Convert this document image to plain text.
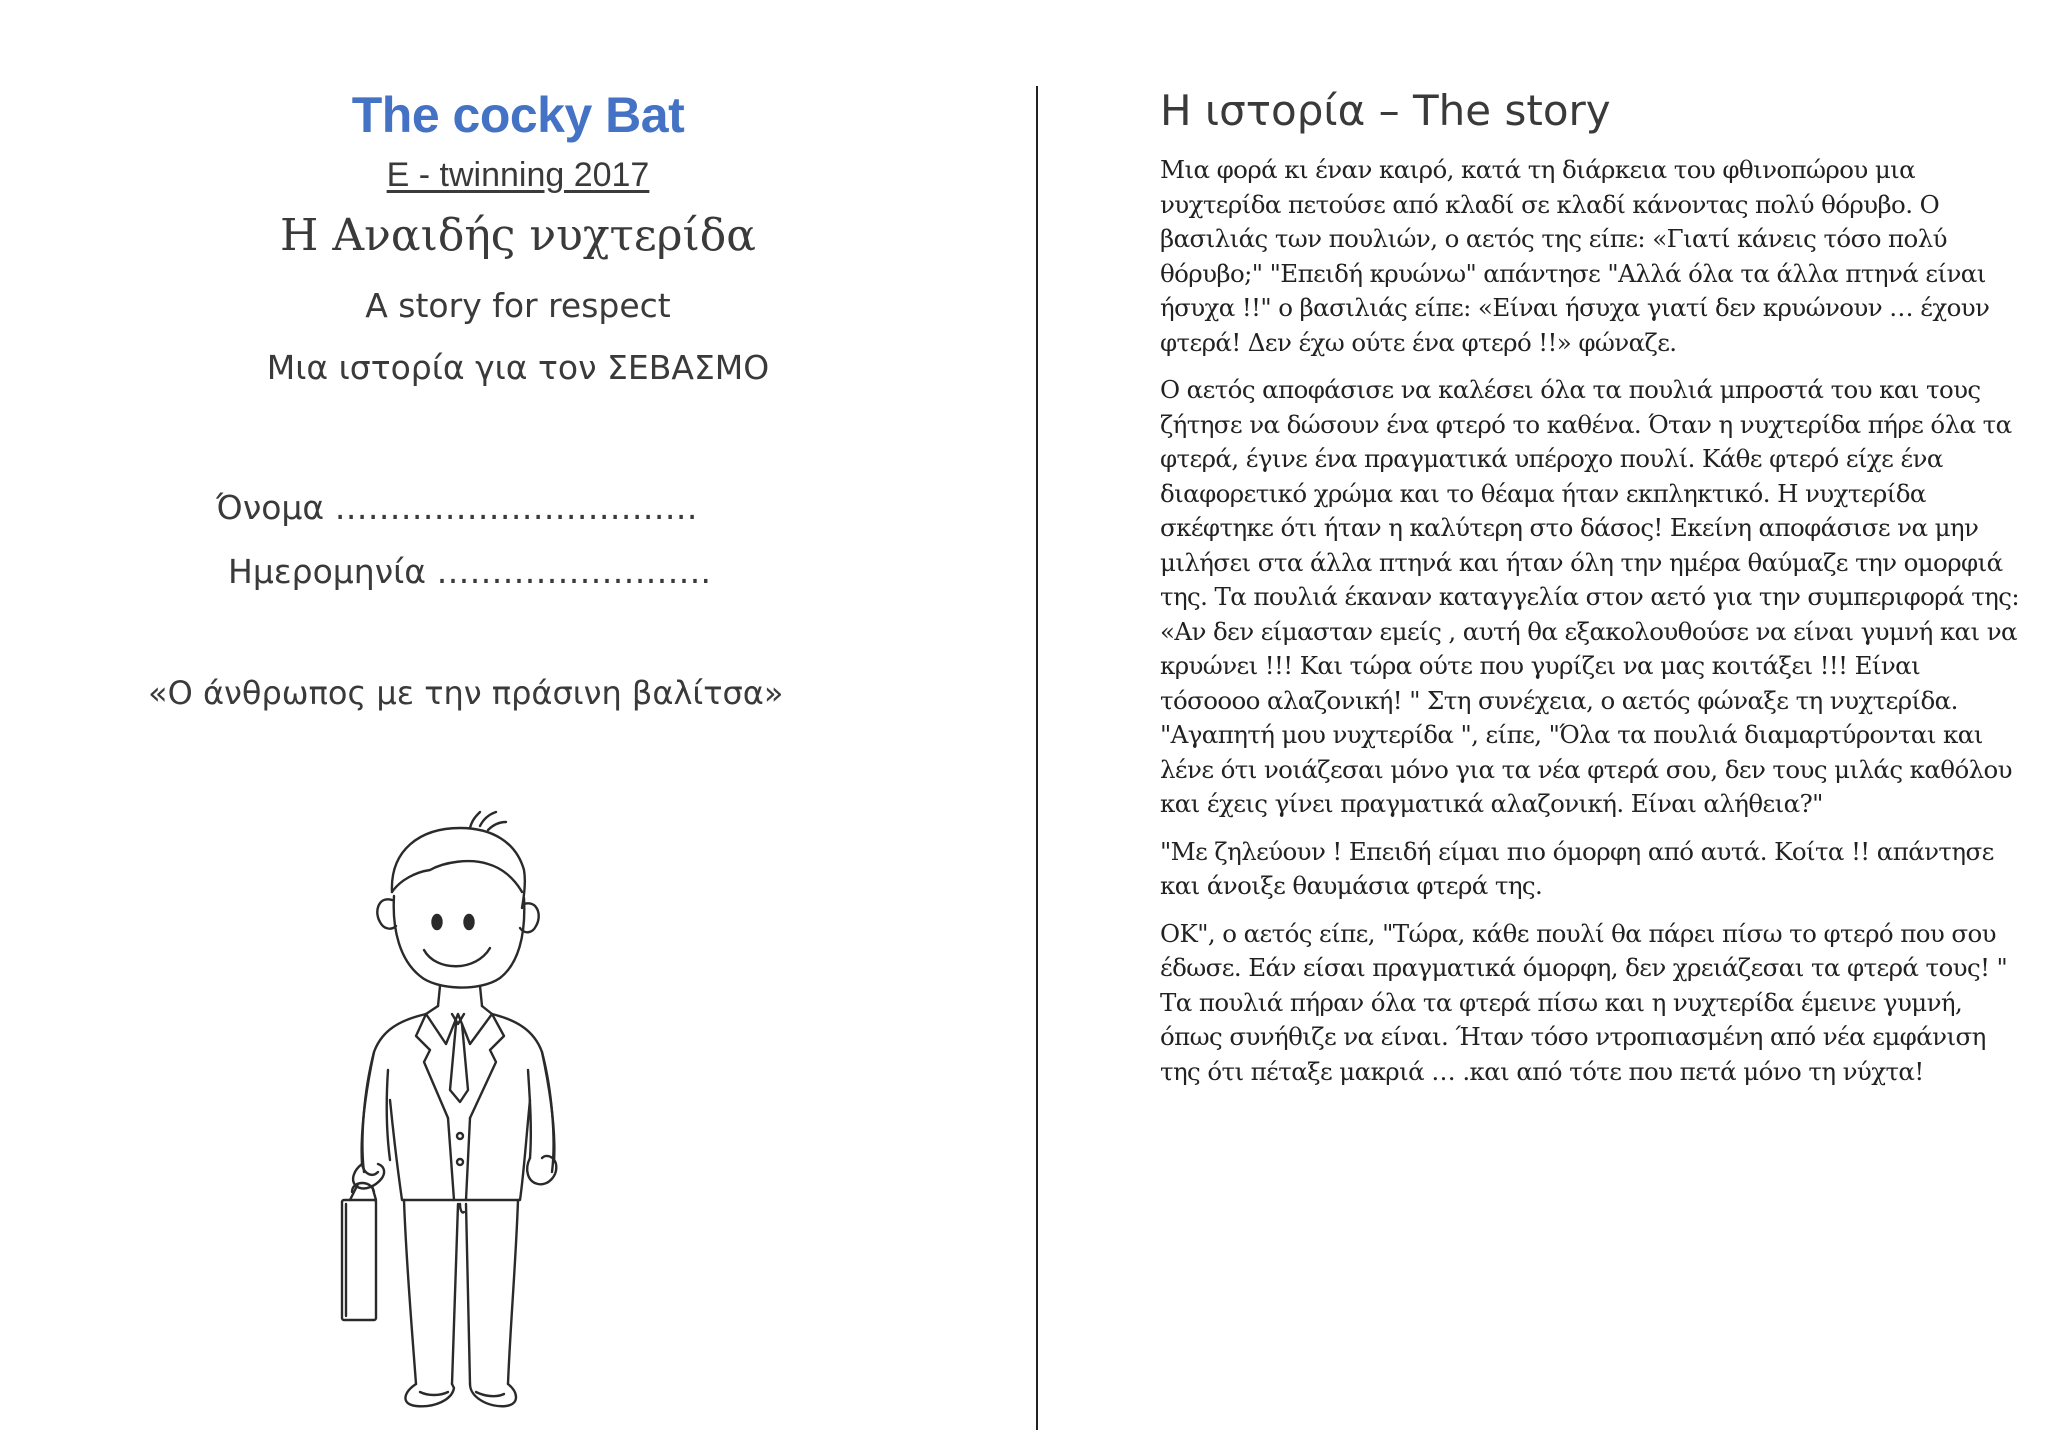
The cocky Bat
E - twinning 2017
Η Αναιδής νυχτερίδα
A story for respect
Μια ιστορία για τον ΣΕΒΑΣΜΟ
Όνομα ……………………………
Ημερομηνία …………………….
«Ο άνθρωπος με την πράσινη βαλίτσα»
Η ιστορία – The story

Μια φορά κι έναν καιρό, κατά τη διάρκεια του φθινοπώρου μια νυχτερίδα πετούσε από κλαδί σε κλαδί κάνοντας πολύ θόρυβο. Ο βασιλιάς των πουλιών, ο αετός της είπε: «Γιατί κάνεις τόσο πολύ θόρυβο;" "Επειδή κρυώνω" απάντησε "Αλλά όλα τα άλλα πτηνά είναι ήσυχα !!" ο βασιλιάς είπε: «Είναι ήσυχα γιατί δεν κρυώνουν … έχουν φτερά! Δεν έχω ούτε ένα φτερό !!» φώναζε.

Ο αετός αποφάσισε να καλέσει όλα τα πουλιά μπροστά του και τους ζήτησε να δώσουν ένα φτερό το καθένα. Όταν η νυχτερίδα πήρε όλα τα φτερά, έγινε ένα πραγματικά υπέροχο πουλί. Κάθε φτερό είχε ένα διαφορετικό χρώμα και το θέαμα ήταν εκπληκτικό. Η νυχτερίδα σκέφτηκε ότι ήταν η καλύτερη στο δάσος! Εκείνη αποφάσισε να μην μιλήσει στα άλλα πτηνά και ήταν όλη την ημέρα θαύμαζε την ομορφιά της. Τα πουλιά έκαναν καταγγελία στον αετό για την συμπεριφορά της: «Αν δεν είμασταν εμείς , αυτή θα εξακολουθούσε να είναι γυμνή και να κρυώνει !!! Και τώρα ούτε που γυρίζει να μας κοιτάξει !!! Είναι τόσοοοο αλαζονική! " Στη συνέχεια, ο αετός φώναξε τη νυχτερίδα. "Αγαπητή μου νυχτερίδα ", είπε, "Όλα τα πουλιά διαμαρτύρονται και λένε ότι νοιάζεσαι μόνο για τα νέα φτερά σου, δεν τους μιλάς καθόλου και έχεις γίνει πραγματικά αλαζονική. Είναι αλήθεια?"

"Με ζηλεύουν ! Επειδή είμαι πιο όμορφη από αυτά. Κοίτα !! απάντησε και άνοιξε θαυμάσια φτερά της.

ΟΚ", ο αετός είπε, "Τώρα, κάθε πουλί θα πάρει πίσω το φτερό που σου έδωσε. Εάν είσαι πραγματικά όμορφη, δεν χρειάζεσαι τα φτερά τους! " Τα πουλιά πήραν όλα τα φτερά πίσω και η νυχτερίδα έμεινε γυμνή, όπως συνήθιζε να είναι. Ήταν τόσο ντροπιασμένη από νέα εμφάνιση της ότι πέταξε μακριά … .και από τότε που πετά μόνο τη νύχτα!
